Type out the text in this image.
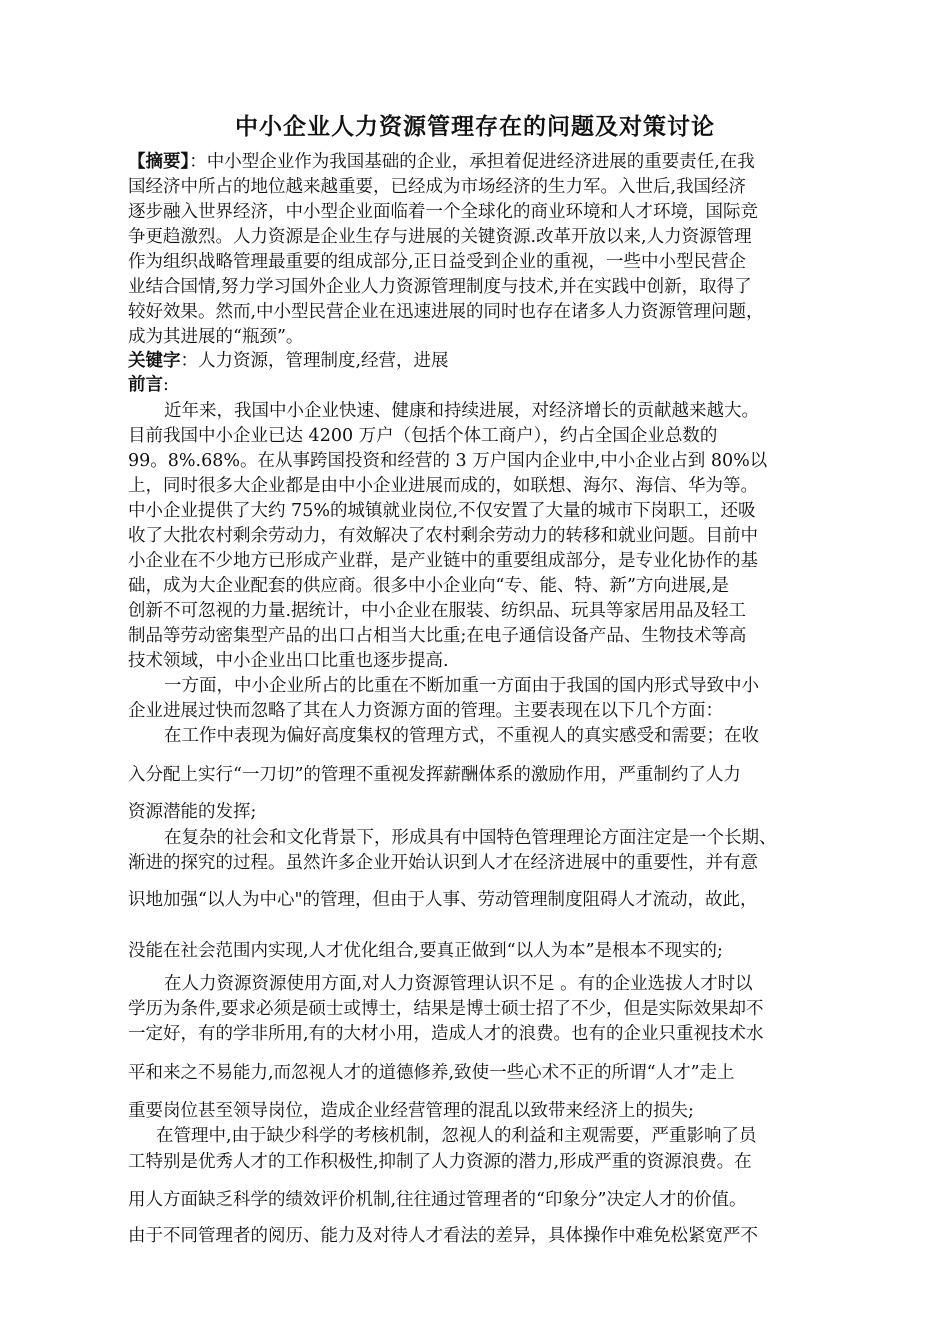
中小企业人力资源管理存在的问题及对策讨论
【摘要】：中小型企业作为我国基础的企业，承担着促进经济进展的重要责任,在我
国经济中所占的地位越来越重要，已经成为市场经济的生力军。入世后,我国经济
逐步融入世界经济，中小型企业面临着一个全球化的商业环境和人才环境，国际竞
争更趋激烈。人力资源是企业生存与进展的关键资源.改革开放以来,人力资源管理
作为组织战略管理最重要的组成部分,正日益受到企业的重视，一些中小型民营企
业结合国情,努力学习国外企业人力资源管理制度与技术,并在实践中创新，取得了
较好效果。然而,中小型民营企业在迅速进展的同时也存在诸多人力资源管理问题，
成为其进展的“瓶颈”。
关键字：人力资源，管理制度,经营，进展
前言:
近年来，我国中小企业快速、健康和持续进展，对经济增长的贡献越来越大。
目前我国中小企业已达 4200 万户（包括个体工商户），约占全国企业总数的
99。8%.68%。在从事跨国投资和经营的 3 万户国内企业中,中小企业占到 80%以
上，同时很多大企业都是由中小企业进展而成的，如联想、海尔、海信、华为等。
中小企业提供了大约 75%的城镇就业岗位,不仅安置了大量的城市下岗职工，还吸
收了大批农村剩余劳动力，有效解决了农村剩余劳动力的转移和就业问题。目前中
小企业在不少地方已形成产业群，是产业链中的重要组成部分，是专业化协作的基
础，成为大企业配套的供应商。很多中小企业向“专、能、特、新”方向进展,是
创新不可忽视的力量.据统计，中小企业在服装、纺织品、玩具等家居用品及轻工
制品等劳动密集型产品的出口占相当大比重;在电子通信设备产品、生物技术等高
技术领域，中小企业出口比重也逐步提高.
一方面，中小企业所占的比重在不断加重一方面由于我国的国内形式导致中小
企业进展过快而忽略了其在人力资源方面的管理。主要表现在以下几个方面：
在工作中表现为偏好高度集权的管理方式，不重视人的真实感受和需要；在收
入分配上实行“一刀切”的管理不重视发挥薪酬体系的激励作用，严重制约了人力
资源潜能的发挥;
在复杂的社会和文化背景下，形成具有中国特色管理理论方面注定是一个长期、
渐进的探究的过程。虽然许多企业开始认识到人才在经济进展中的重要性，并有意
识地加强“以人为中心"的管理，但由于人事、劳动管理制度阻碍人才流动，故此，
没能在社会范围内实现,人才优化组合,要真正做到“以人为本”是根本不现实的;
在人力资源资源使用方面,对人力资源管理认识不足 。有的企业选拔人才时以
学历为条件,要求必须是硕士或博士，结果是博士硕士招了不少，但是实际效果却不
一定好，有的学非所用,有的大材小用，造成人才的浪费。也有的企业只重视技术水
平和来之不易能力,而忽视人才的道德修养,致使一些心术不正的所谓“人才”走上
重要岗位甚至领导岗位，造成企业经营管理的混乱以致带来经济上的损失;
在管理中,由于缺少科学的考核机制，忽视人的利益和主观需要，严重影响了员
工特别是优秀人才的工作积极性,抑制了人力资源的潜力,形成严重的资源浪费。在
用人方面缺乏科学的绩效评价机制,往往通过管理者的“印象分”决定人才的价值。
由于不同管理者的阅历、能力及对待人才看法的差异，具体操作中难免松紧宽严不
